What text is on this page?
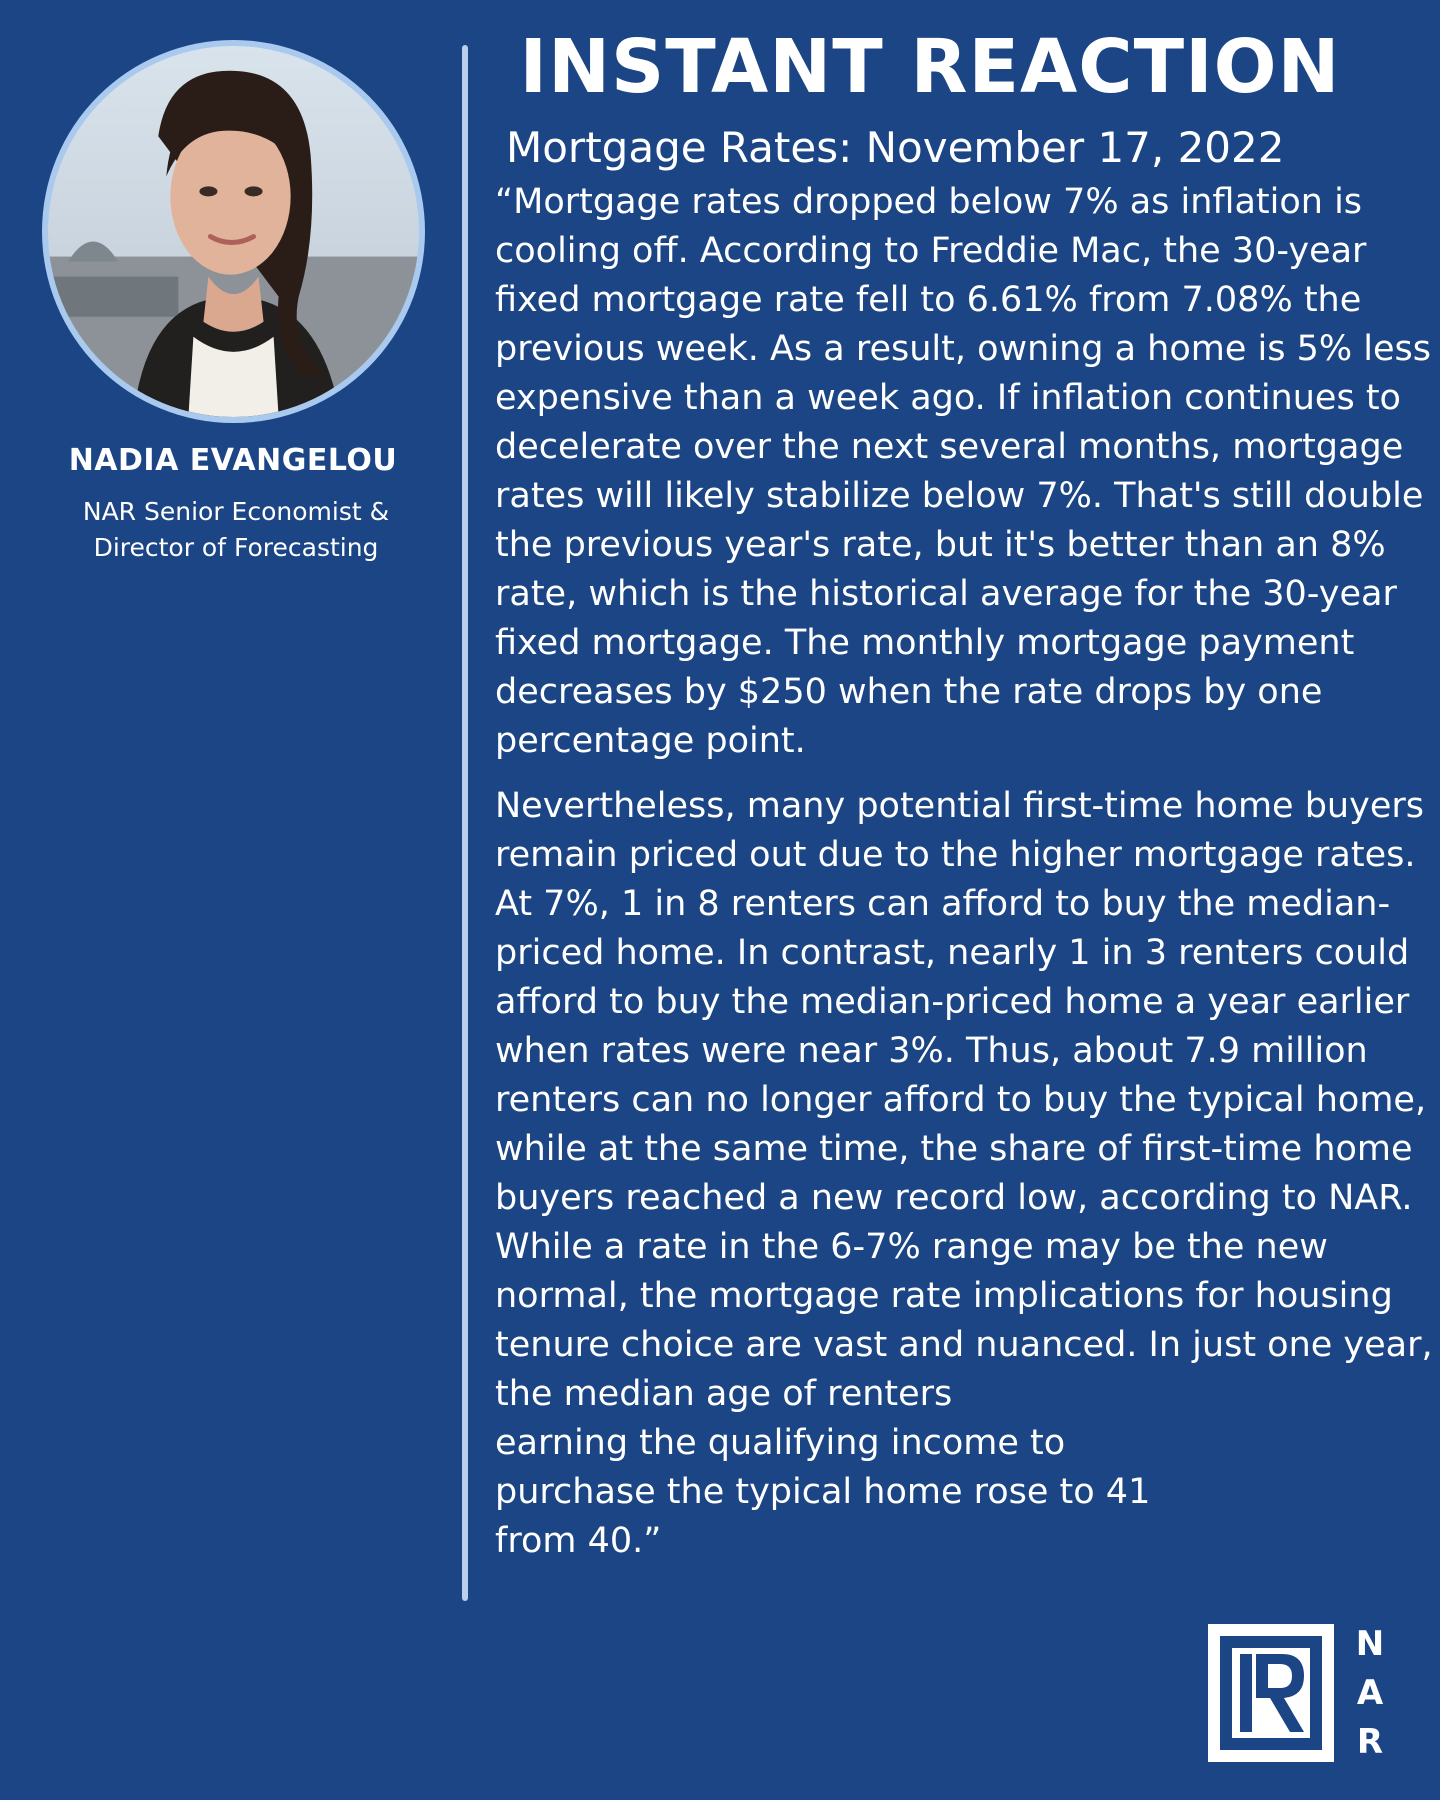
NADIA EVANGELOU
NAR Senior Economist &
Director of Forecasting
INSTANT REACTION
Mortgage Rates: November 17, 2022

“Mortgage rates dropped below 7% as inflation is cooling off. According to Freddie Mac, the 30-year fixed mortgage rate fell to 6.61% from 7.08% the previous week. As a result, owning a home is 5% less expensive than a week ago. If inflation continues to decelerate over the next several months, mortgage rates will likely stabilize below 7%. That's still double the previous year's rate, but it's better than an 8% rate, which is the historical average for the 30-year fixed mortgage. The monthly mortgage payment decreases by $250 when the rate drops by one percentage point.

Nevertheless, many potential first-time home buyers remain priced out due to the higher mortgage rates. At 7%, 1 in 8 renters can afford to buy the median-priced home. In contrast, nearly 1 in 3 renters could afford to buy the median-priced home a year earlier when rates were near 3%. Thus, about 7.9 million renters can no longer afford to buy the typical home, while at the same time, the share of first-time home buyers reached a new record low, according to NAR. While a rate in the 6-7% range may be the new normal, the mortgage rate implications for housing tenure choice are vast and nuanced. In just one year, the median age of renters
earning the qualifying income to purchase the typical home rose to 41 from 40.”

N
A
R
